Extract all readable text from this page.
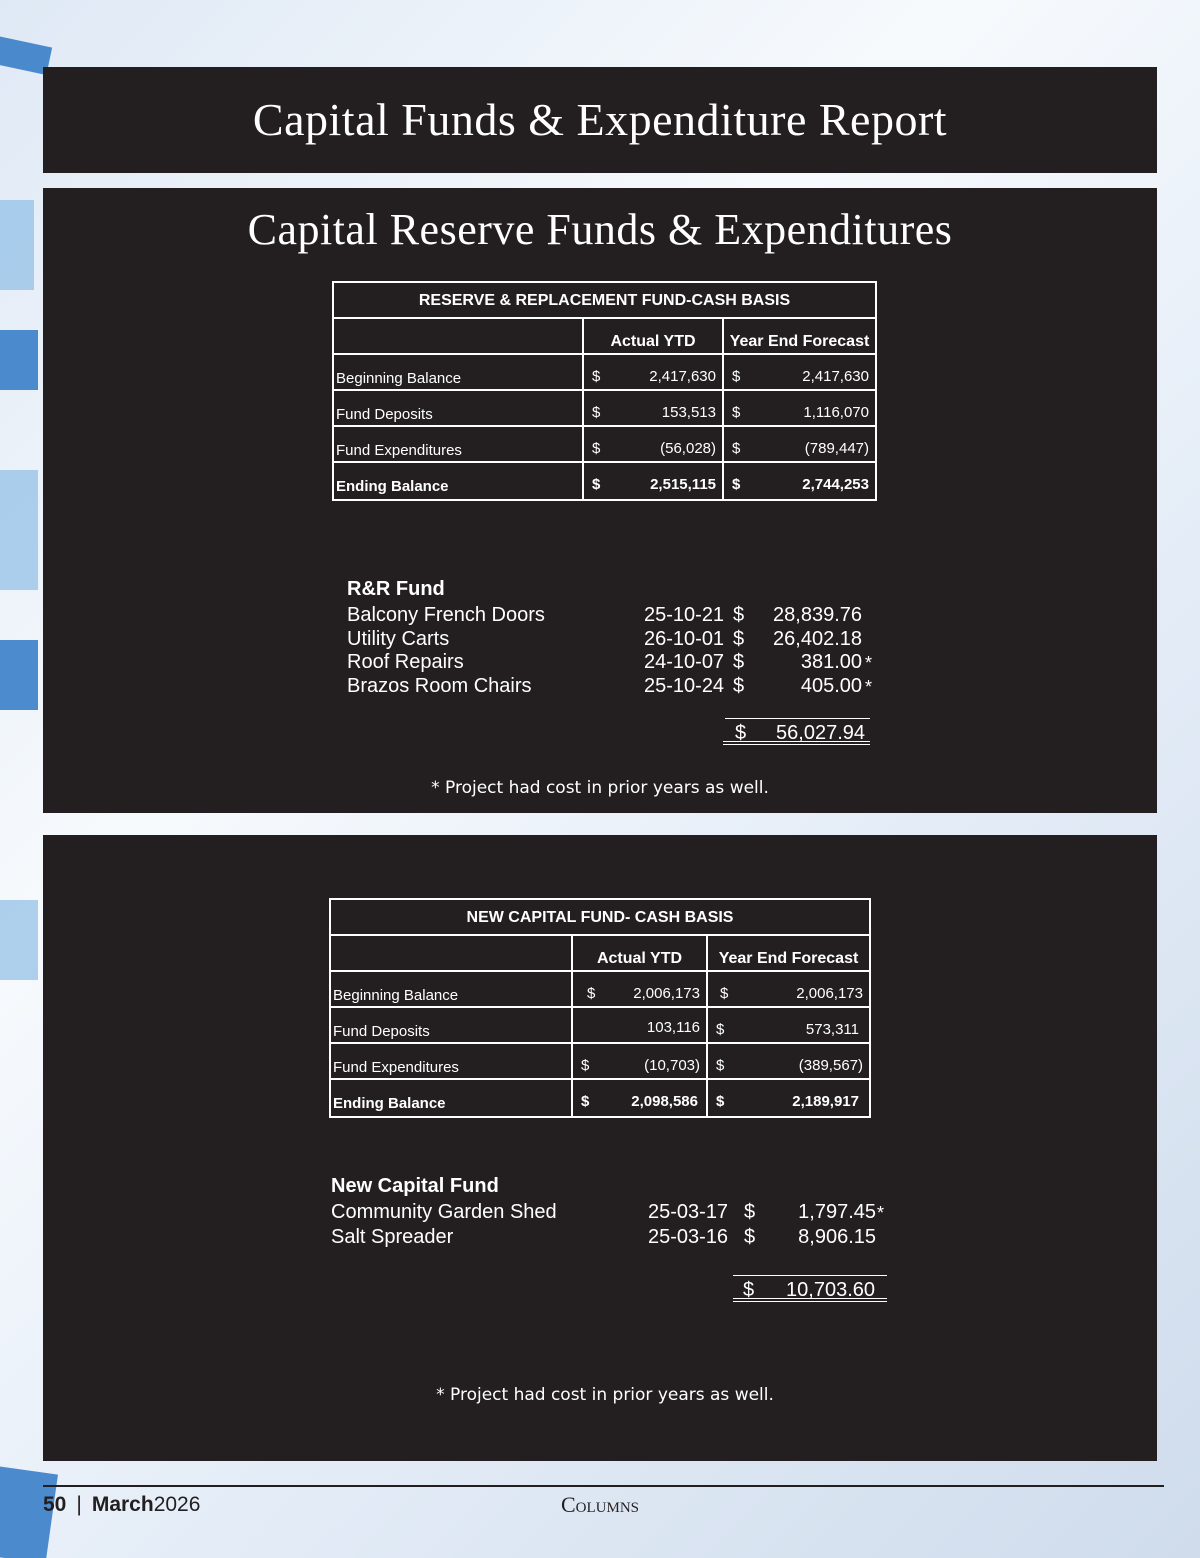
Capital Funds & Expenditure Report
Capital Reserve Funds & Expenditures
RESERVE & REPLACEMENT FUND-CASH BASIS
Actual YTD	Year End Forecast
Beginning Balance	$	2,417,630 $	2,417,630
Fund Deposits	$	153,513 $	1,116,070
Fund Expenditures	$	(56,028) $	(789,447)
Ending Balance	$	2,515,115 $	2,744,253
R&R Fund
Balcony French Doors	25-10-21 $	28,839.76
Utility Carts	26-10-01 $	26,402.18
Roof Repairs	24-10-07 $	381.00 *
Brazos Room Chairs	25-10-24 $	405.00 *
$ 56,027.94
* Project had cost in prior years as well.
NEW CAPITAL FUND- CASH BASIS
Actual YTD	Year End Forecast
Beginning Balance	$	2,006,173 $	2,006,173
Fund Deposits	103,116 $	573,311
Fund Expenditures	$	(10,703) $	(389,567)
Ending Balance	$	2,098,586 $	2,189,917
New Capital Fund
Community Garden Shed	25-03-17 $	1,797.45 *
Salt Spreader	25-03-16 $	8,906.15
$ 10,703.60
* Project had cost in prior years as well.
50 | March2026	Columns
